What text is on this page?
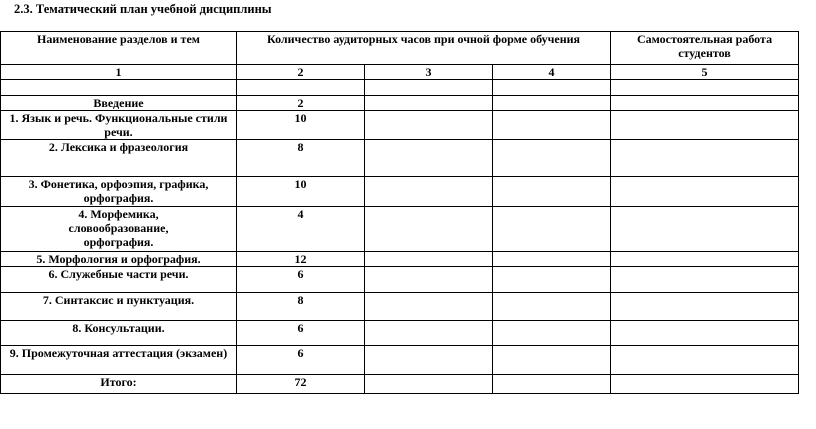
2.3. Тематический план учебной дисциплины
Наименование разделов и тем	Количество аудиторных часов при очной форме обучения			Самостоятельная работа студентов
1	2	3	4	5

Введение	2			
1. Язык и речь. Функциональные стили речи.	10			
2. Лексика и фразеология	8			
3. Фонетика, орфоэпия, графика, орфография.	10			
4. Морфемика, словообразование, орфография.	4			
5. Морфология и орфография.	12			
6. Служебные части речи.	6			
7. Синтаксис и пунктуация.	8			
8. Консультации.	6			
9. Промежуточная аттестация (экзамен)	6			
Итого:	72			
